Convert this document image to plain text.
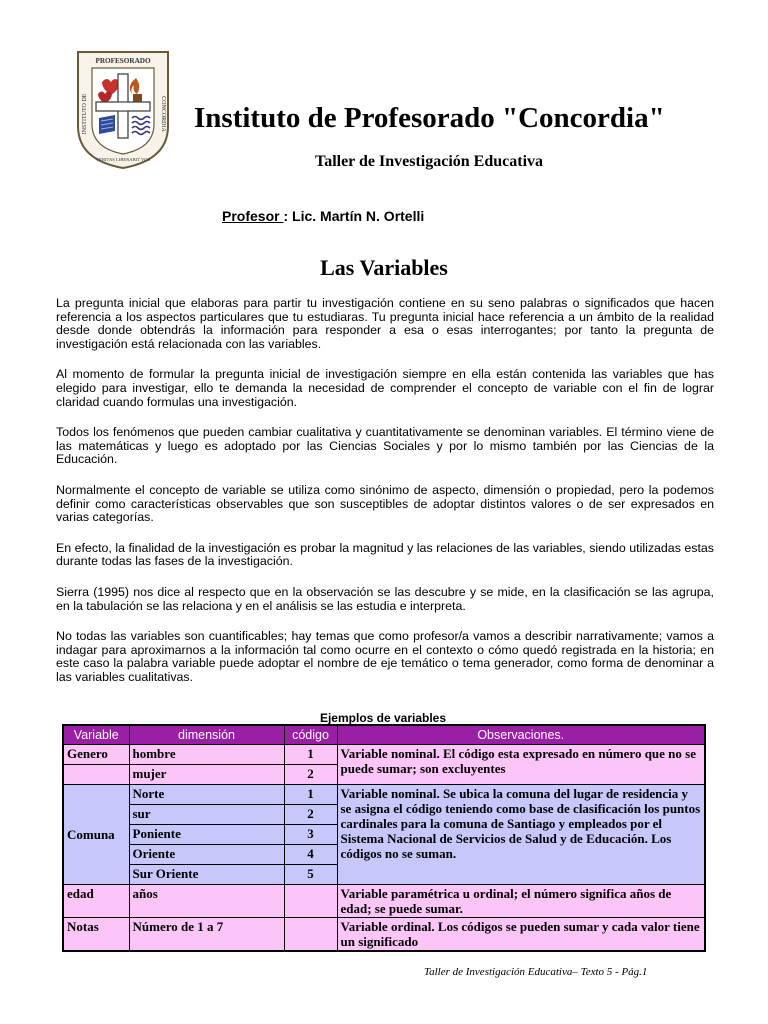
PROFESORADO
INSTITUTO DE	CONCORDIA
VERITAS LIBERABIT VOS
Instituto de Profesorado "Concordia"
Taller de Investigación Educativa
Profesor : Lic. Martín N. Ortelli
Las Variables

La pregunta inicial que elaboras para partir tu investigación contiene en su seno palabras o significados que hacen referencia a los aspectos particulares que tu estudiaras. Tu pregunta inicial hace referencia a un ámbito de la realidad desde donde obtendrás la información para responder a esa o esas interrogantes; por tanto la pregunta de investigación está relacionada con las variables.

Al momento de formular la pregunta inicial de investigación siempre en ella están contenida las variables que has elegido para investigar, ello te demanda la necesidad de comprender el concepto de variable con el fin de lograr claridad cuando formulas una investigación.

Todos los fenómenos que pueden cambiar cualitativa y cuantitativamente se denominan variables. El término viene de las matemáticas y luego es adoptado por las Ciencias Sociales y por lo mismo también por las Ciencias de la Educación.

Normalmente el concepto de variable se utiliza como sinónimo de aspecto, dimensión o propiedad, pero la podemos definir como características observables que son susceptibles de adoptar distintos valores o de ser expresados en varias categorías.

En efecto, la finalidad de la investigación es probar la magnitud y las relaciones de las variables, siendo utilizadas estas durante todas las fases de la investigación.

Sierra (1995) nos dice al respecto que en la observación se las descubre y se mide, en la clasificación se las agrupa, en la tabulación se las relaciona y en el análisis se las estudia e interpreta.

No todas las variables son cuantificables; hay temas que como profesor/a vamos a describir narrativamente; vamos a indagar para aproximarnos a la información tal como ocurre en el contexto o cómo quedó registrada en la historia; en este caso la palabra variable puede adoptar el nombre de eje temático o tema generador, como forma de denominar a las variables cualitativas.

Ejemplos de variables
Variable	dimensión	código	Observaciones.
Genero	hombre	1	Variable nominal. El código esta expresado en número que no se puede sumar; son excluyentes
	mujer	2	
Comuna	Norte	1	Variable nominal. Se ubica la comuna del lugar de residencia y se asigna el código teniendo como base de clasificación los puntos cardinales para la comuna de Santiago y empleados por el Sistema Nacional de Servicios de Salud y de Educación. Los códigos no se suman.
	sur	2	
	Poniente	3	
	Oriente	4	
	Sur Oriente	5	
edad	años		Variable paramétrica u ordinal; el número significa años de edad; se puede sumar.
Notas	Número de 1 a 7		Variable ordinal. Los códigos se pueden sumar y cada valor tiene un significado
Taller de Investigación Educativa– Texto 5 - Pág.1
